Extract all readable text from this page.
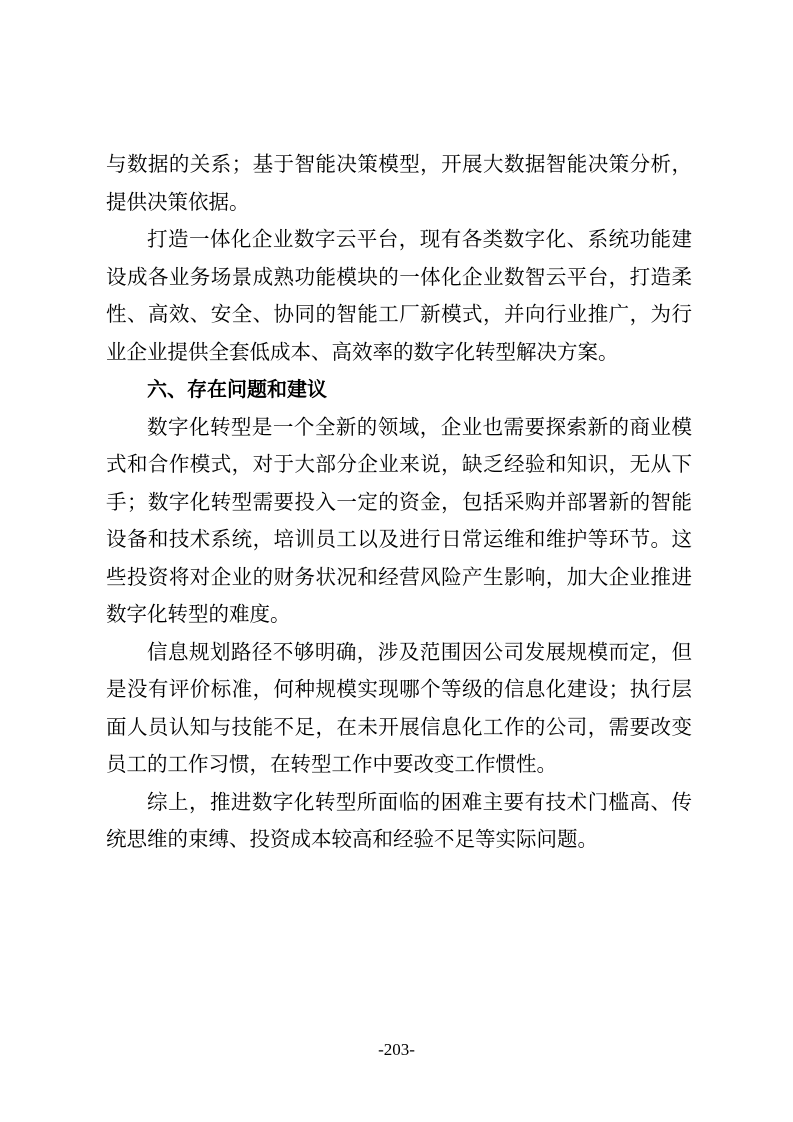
与数据的关系；基于智能决策模型，开展大数据智能决策分析，
提供决策依据。
打造一体化企业数字云平台，现有各类数字化、系统功能建
设成各业务场景成熟功能模块的一体化企业数智云平台，打造柔
性、高效、安全、协同的智能工厂新模式，并向行业推广，为行
业企业提供全套低成本、高效率的数字化转型解决方案。
六、存在问题和建议
数字化转型是一个全新的领域，企业也需要探索新的商业模
式和合作模式，对于大部分企业来说，缺乏经验和知识，无从下
手；数字化转型需要投入一定的资金，包括采购并部署新的智能
设备和技术系统，培训员工以及进行日常运维和维护等环节。这
些投资将对企业的财务状况和经营风险产生影响，加大企业推进
数字化转型的难度。
信息规划路径不够明确，涉及范围因公司发展规模而定，但
是没有评价标准，何种规模实现哪个等级的信息化建设；执行层
面人员认知与技能不足，在未开展信息化工作的公司，需要改变
员工的工作习惯，在转型工作中要改变工作惯性。
综上，推进数字化转型所面临的困难主要有技术门槛高、传
统思维的束缚、投资成本较高和经验不足等实际问题。
-203-
